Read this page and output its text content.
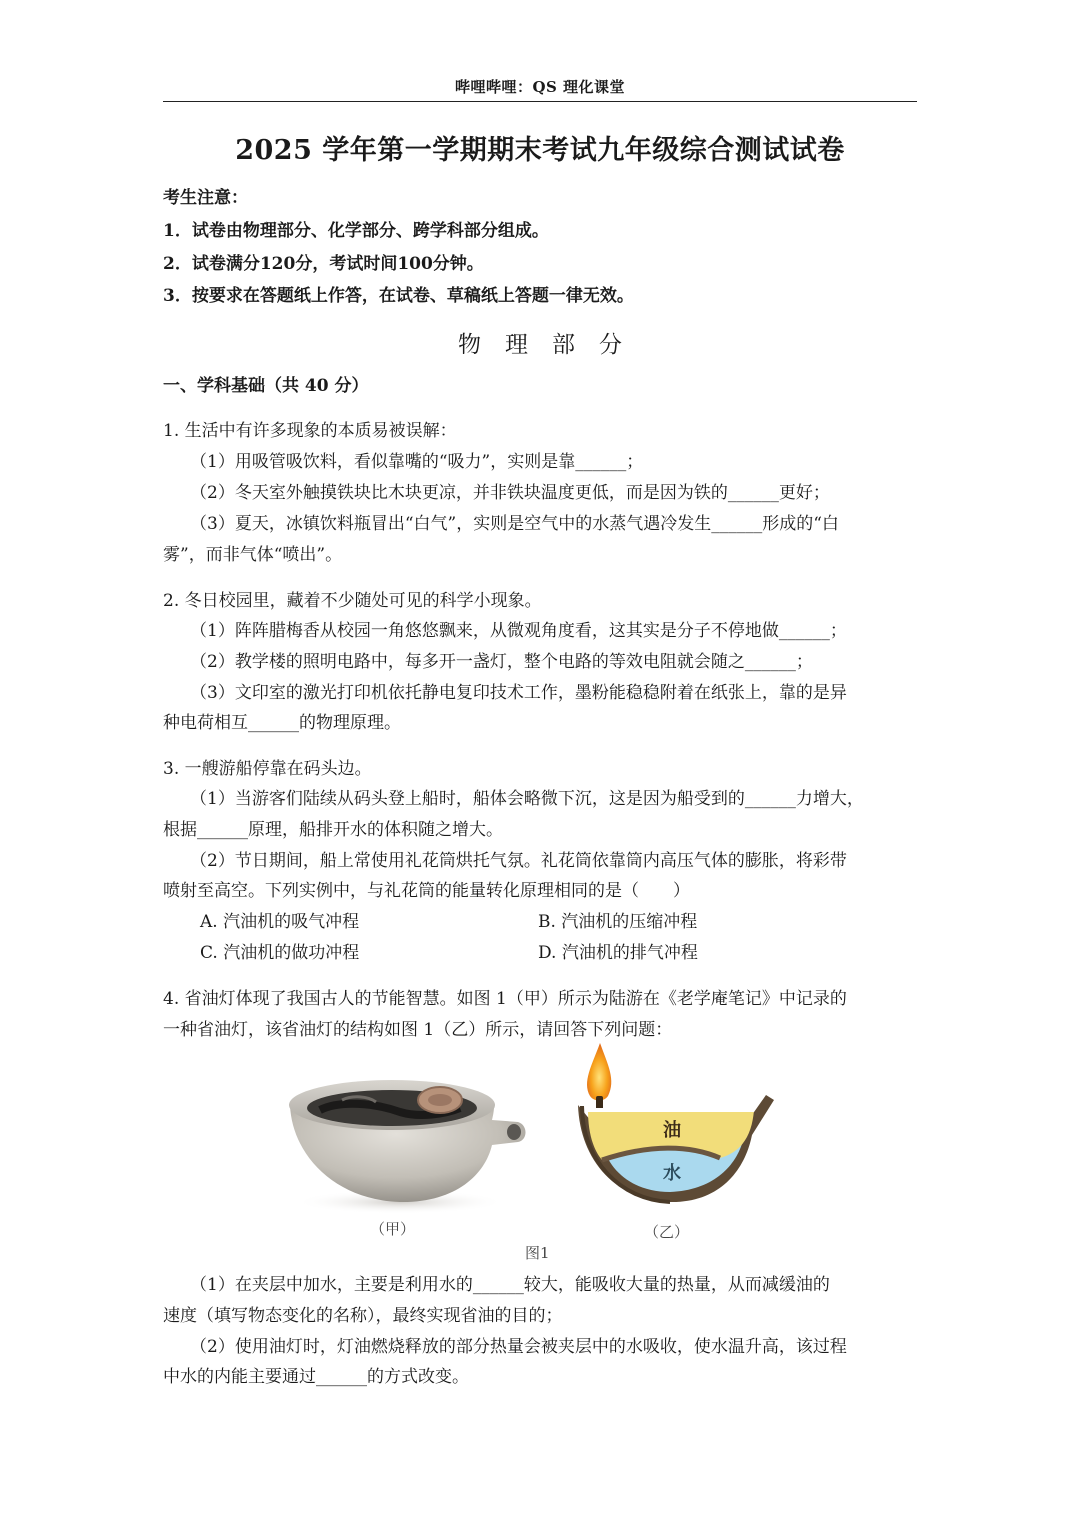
哔哩哔哩：QS 理化课堂
2025 学年第一学期期末考试九年级综合测试试卷
考生注意：
1．试卷由物理部分、化学部分、跨学科部分组成。
2．试卷满分120分，考试时间100分钟。
3．按要求在答题纸上作答，在试卷、草稿纸上答题一律无效。
物理部分
一、学科基础（共 40 分）
1. 生活中有许多现象的本质易被误解：
（1）用吸管吸饮料，看似靠嘴的“吸力”，实则是靠______；
（2）冬天室外触摸铁块比木块更凉，并非铁块温度更低，而是因为铁的______更好；
（3）夏天，冰镇饮料瓶冒出“白气”，实则是空气中的水蒸气遇冷发生______形成的“白
雾”，而非气体“喷出”。
2. 冬日校园里，藏着不少随处可见的科学小现象。
（1）阵阵腊梅香从校园一角悠悠飘来，从微观角度看，这其实是分子不停地做______；
（2）教学楼的照明电路中，每多开一盏灯，整个电路的等效电阻就会随之______；
（3）文印室的激光打印机依托静电复印技术工作，墨粉能稳稳附着在纸张上，靠的是异
种电荷相互______的物理原理。
3. 一艘游船停靠在码头边。
（1）当游客们陆续从码头登上船时，船体会略微下沉，这是因为船受到的______力增大，
根据______原理，船排开水的体积随之增大。
（2）节日期间，船上常使用礼花筒烘托气氛。礼花筒依靠筒内高压气体的膨胀，将彩带
喷射至高空。下列实例中，与礼花筒的能量转化原理相同的是（　　）
A. 汽油机的吸气冲程	B. 汽油机的压缩冲程
C. 汽油机的做功冲程	D. 汽油机的排气冲程
4. 省油灯体现了我国古人的节能智慧。如图 1（甲）所示为陆游在《老学庵笔记》中记录的
一种省油灯，该省油灯的结构如图 1（乙）所示，请回答下列问题：
油
水
（甲）	（乙）
图1
（1）在夹层中加水，主要是利用水的______较大，能吸收大量的热量，从而减缓油的
速度（填写物态变化的名称），最终实现省油的目的；
（2）使用油灯时，灯油燃烧释放的部分热量会被夹层中的水吸收，使水温升高，该过程
中水的内能主要通过______的方式改变。
